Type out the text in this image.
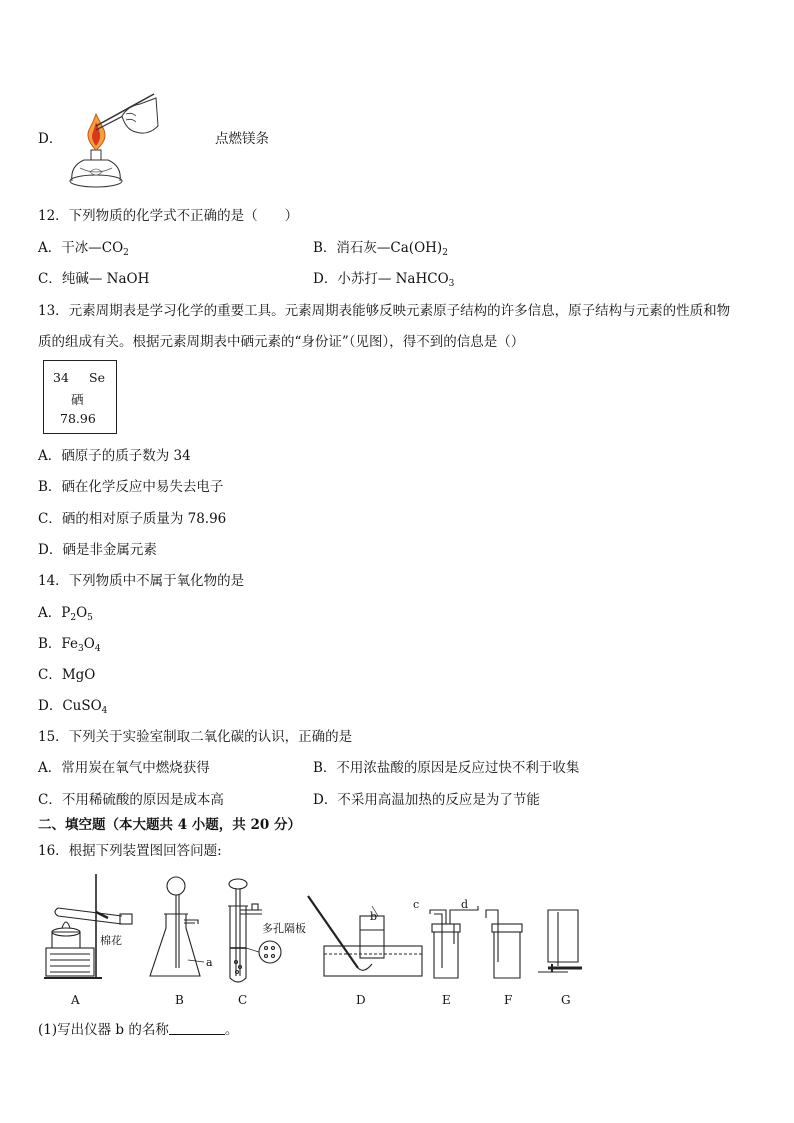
D．	点燃镁条
12．下列物质的化学式不正确的是（　　）
A．干冰$—CO_2$	B．消石灰$—Ca(OH)_2$
C．纯碱— NaOH	D．小苏打— NaHCO$_3$
13．元素周期表是学习化学的重要工具。元素周期表能够反映元素原子结构的许多信息，原子结构与元素的性质和物
质的组成有关。根据元素周期表中硒元素的“身份证”（见图），得不到的信息是（）
34 Se
硒
78.96
A．硒原子的质子数为 34
B．硒在化学反应中易失去电子
C．硒的相对原子质量为 78.96
D．硒是非金属元素
14．下列物质中不属于氧化物的是
A．$P_2O_5$
B．$Fe_3O_4$
C．MgO
D．CuSO$_4$
15．下列关于实验室制取二氧化碳的认识，正确的是
A．常用炭在氧气中燃烧获得	B．不用浓盐酸的原因是反应过快不利于收集
C．不用稀硫酸的原因是成本高	D．不采用高温加热的反应是为了节能
二、填空题（本大题共 4 小题，共 20 分）
16．根据下列装置图回答问题:
棉花
a
多孔隔板
b
c	d
A	B	C	D	E	F	G
(1)写出仪器 b 的名称	。
